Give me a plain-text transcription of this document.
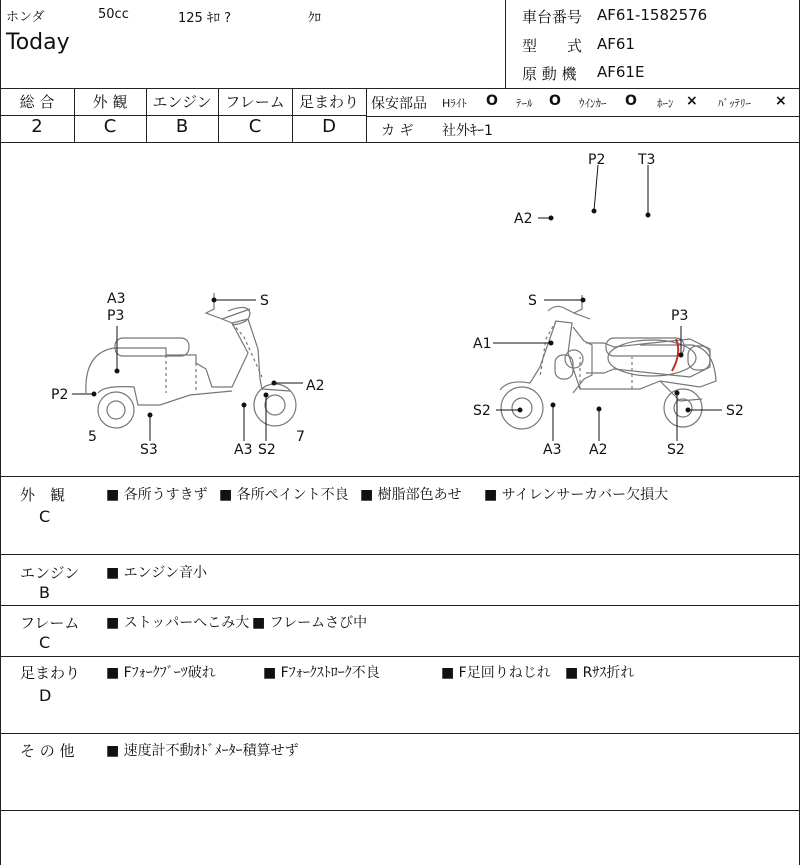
ホンダ	50cc	125 ｷﾛ ?	ｸﾛ
Today
車台番号 AF61-1582576
型　　式 AF61
原 動 機 AF61E
総 合	外 観	エンジン フレーム 足まわり
2	C	B	C	D
保安部品 Hﾗｲﾄ O ﾃｰﾙ O ｳｲﾝｶｰ O ﾎｰﾝ × ﾊﾞｯﾃﾘｰ ×
カ ギ 社外ｷｰ1
P2 T3
A2
A3
P3
S
P2
A2
5
S3	A3 S2
7
S
A1
P3
S2
A3 A2
S2
S2
外　観
C
■ 各所うすきず ■ 各所ペイント不良 ■ 樹脂部色あせ ■ サイレンサーカバー欠損大
エンジン
B
■ エンジン音小
フレーム
C
■ ストッパーへこみ大 ■ フレームさび中
足まわり
D
■ Fﾌｫｰｸﾌﾞｰﾂ破れ	■ Fﾌｫｰｸｽﾄﾛｰｸ不良	■ F足回りねじれ ■ Rｻｽ折れ
そ の 他 ■ 速度計不動ｵﾄﾞﾒｰﾀｰ積算せず
